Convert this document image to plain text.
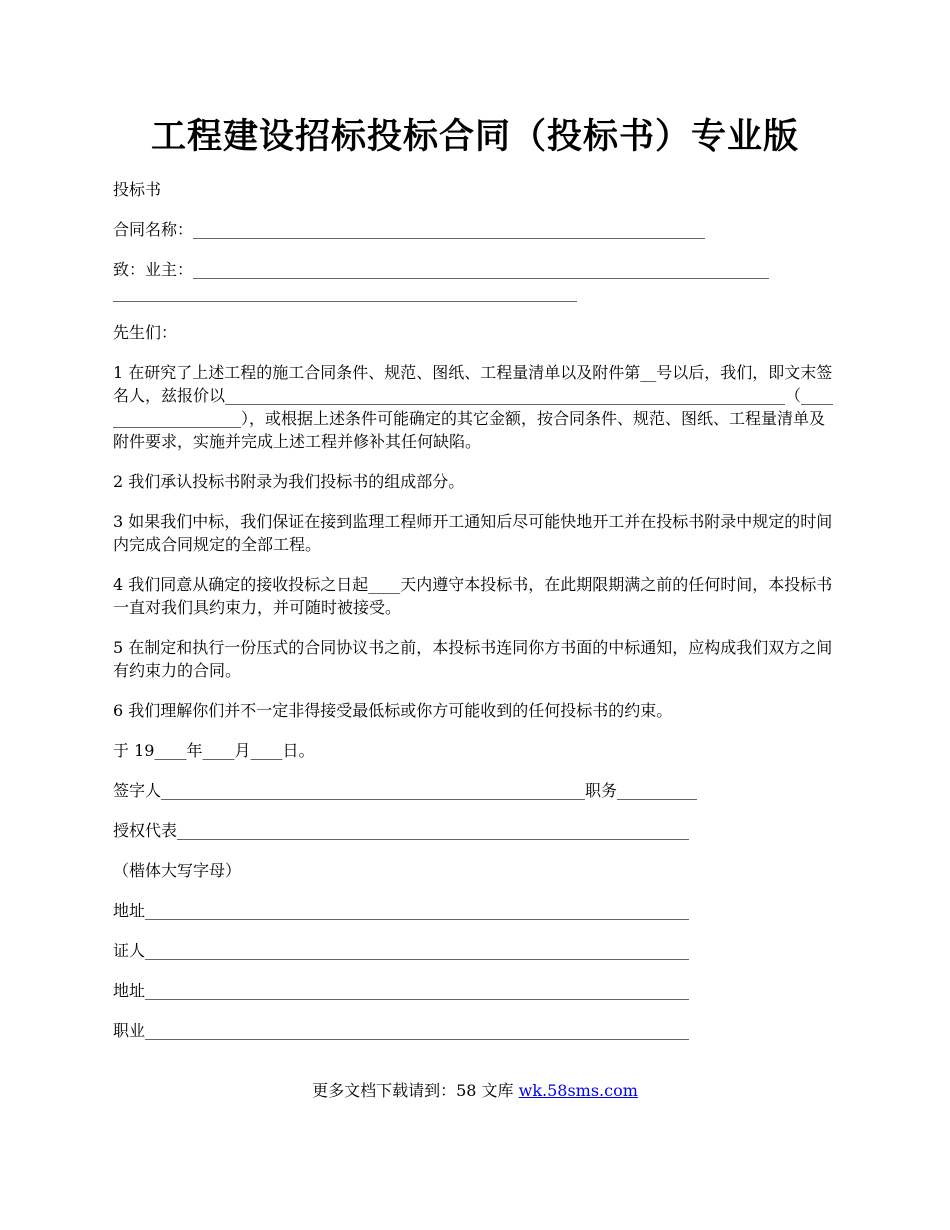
工程建设招标投标合同（投标书）专业版

投标书

合同名称：________________________________________________________________

致：业主：________________________________________________________________________

__________________________________________________________

先生们：

1 在研究了上述工程的施工合同条件、规范、图纸、工程量清单以及附件第__号以后，我们，即文末签名人，兹报价以______________________________________________________________________（____________________），或根据上述条件可能确定的其它金额，按合同条件、规范、图纸、工程量清单及附件要求，实施并完成上述工程并修补其任何缺陷。

2 我们承认投标书附录为我们投标书的组成部分。

3 如果我们中标，我们保证在接到监理工程师开工通知后尽可能快地开工并在投标书附录中规定的时间内完成合同规定的全部工程。

4 我们同意从确定的接收投标之日起____天内遵守本投标书，在此期限期满之前的任何时间，本投标书一直对我们具约束力，并可随时被接受。

5 在制定和执行一份压式的合同协议书之前，本投标书连同你方书面的中标通知，应构成我们双方之间有约束力的合同。

6 我们理解你们并不一定非得接受最低标或你方可能收到的任何投标书的约束。

于 19____年____月____日。

签字人_____________________________________________________职务__________

授权代表________________________________________________________________

（楷体大写字母）

地址____________________________________________________________________

证人____________________________________________________________________

地址____________________________________________________________________

职业____________________________________________________________________

更多文档下载请到：58 文库 wk.58sms.com
